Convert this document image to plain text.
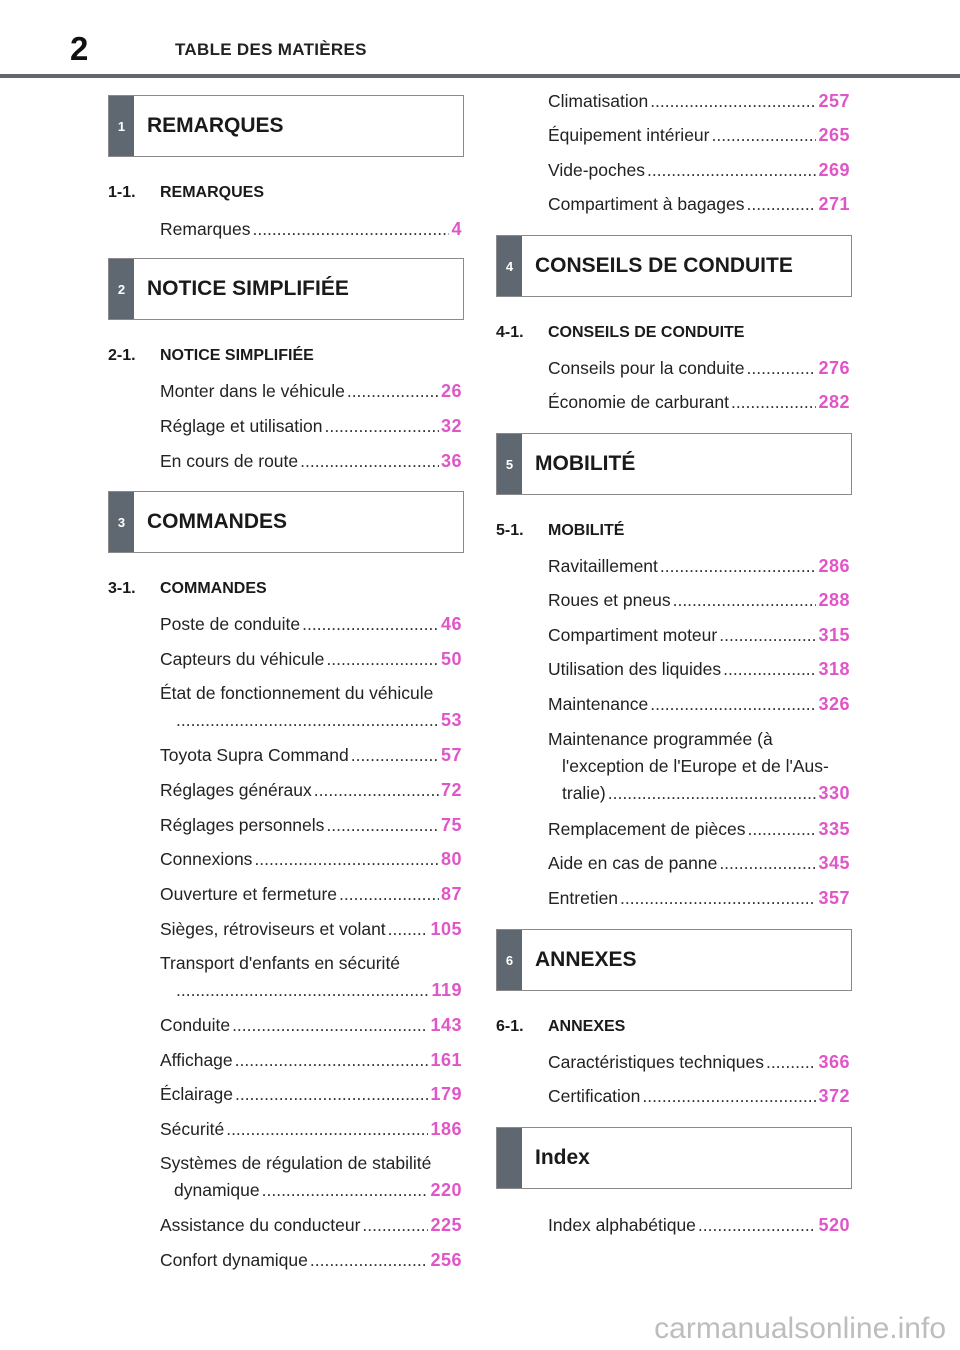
2	TABLE DES MATIÈRES
1	REMARQUES
1-1. REMARQUES
Remarques .....	4
2	NOTICE SIMPLIFIÉE
2-1. NOTICE SIMPLIFIÉE
Monter dans le véhicule .....	26
Réglage et utilisation .....	32
En cours de route .....	36
3	COMMANDES
3-1. COMMANDES
Poste de conduite .....	46
Capteurs du véhicule .....	50
État de fonctionnement du véhicule
.....
53
Toyota Supra Command .....	57
Réglages généraux .....	72
Réglages personnels .....	75
Connexions .....	80
Ouverture et fermeture .....	87
Sièges, rétroviseurs et volant ..... 105
Transport d'enfants en sécurité
.....
119
Conduite .....	143
Affichage .....	161
Éclairage .....	179
Sécurité .....	186
Systèmes de régulation de stabilité
dynamique .....	220
Assistance du conducteur .....	225
Confort dynamique .....	256
Climatisation .....	257
Équipement intérieur .....	265
Vide-poches .....	269
Compartiment à bagages .....	271
4	CONSEILS DE CONDUITE
4-1. CONSEILS DE CONDUITE
Conseils pour la conduite .....	276
Économie de carburant .....	282
5	MOBILITÉ
5-1. MOBILITÉ
Ravitaillement .....	286
Roues et pneus .....	288
Compartiment moteur .....	315
Utilisation des liquides .....	318
Maintenance .....	326
Maintenance programmée (à
l'exception de l'Europe et de l'Aus-
tralie) .....	330
Remplacement de pièces .....	335
Aide en cas de panne .....	345
Entretien .....	357
6	ANNEXES
6-1. ANNEXES
Caractéristiques techniques .....	366
Certification .....	372
Index
Index alphabétique .....	520
carmanualsonline.info
